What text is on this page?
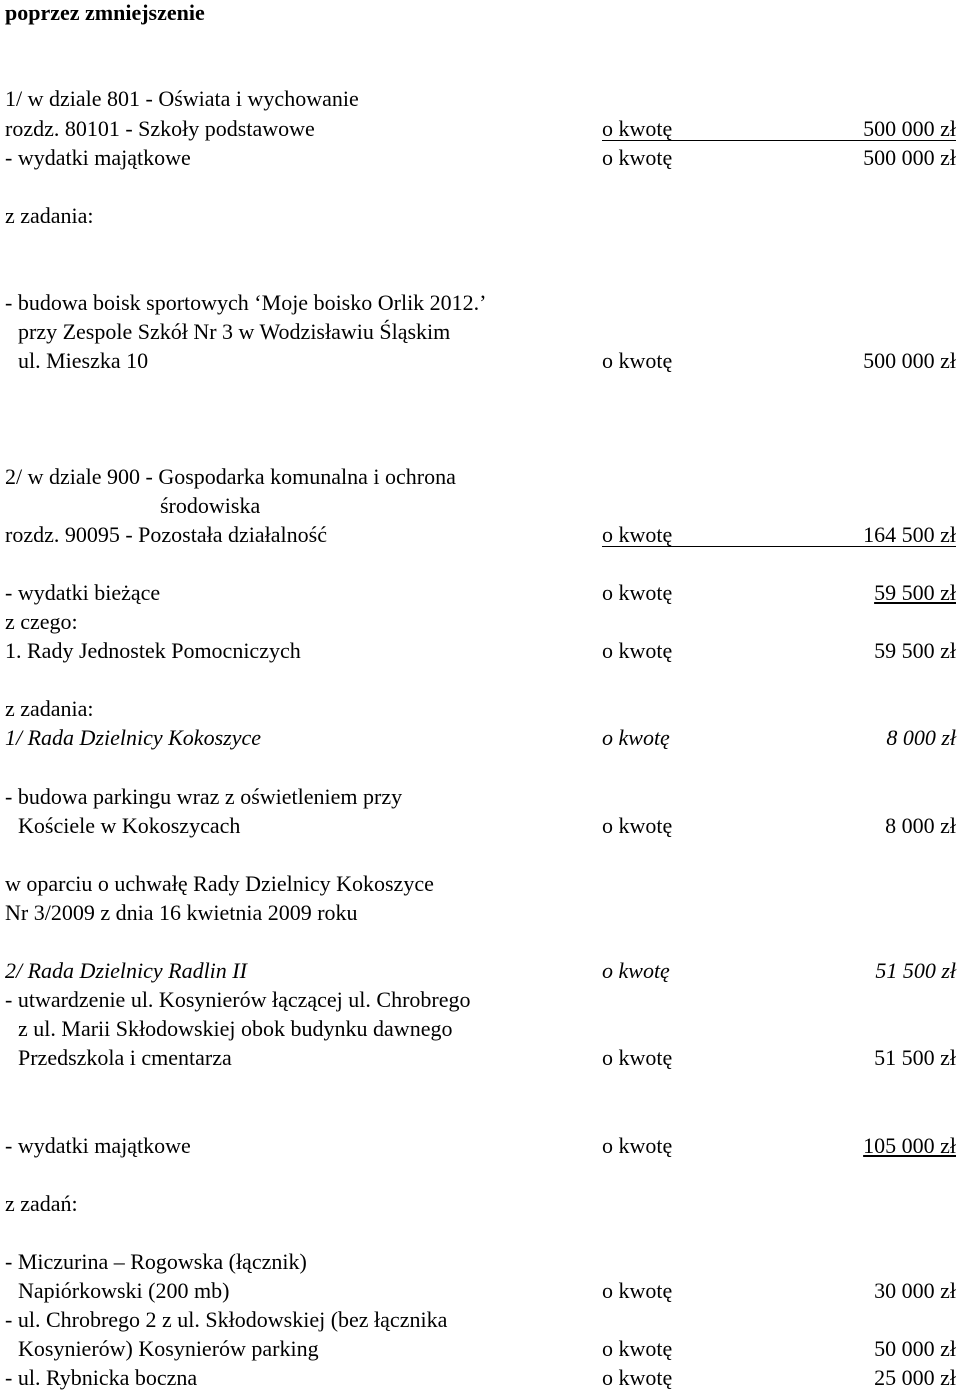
poprzez zmniejszenie
1/ w dziale 801 - Oświata i wychowanie
rozdz. 80101 - Szkoły podstawowe	o kwotę	500 000 zł
- wydatki majątkowe	o kwotę	500 000 zł
z zadania:
- budowa boisk sportowych ‘Moje boisko Orlik 2012.’
przy Zespole Szkół Nr 3 w Wodzisławiu Śląskim
ul. Mieszka 10	o kwotę	500 000 zł
2/ w dziale 900 - Gospodarka komunalna i ochrona
środowiska
rozdz. 90095 - Pozostała działalność	o kwotę	164 500 zł
- wydatki bieżące	o kwotę	59 500 zł
z czego:
1. Rady Jednostek Pomocniczych	o kwotę	59 500 zł
z zadania:
1/ Rada Dzielnicy Kokoszyce	o kwotę	8 000 zł
- budowa parkingu wraz z oświetleniem przy
Kościele w Kokoszycach	o kwotę	8 000 zł
w oparciu o uchwałę Rady Dzielnicy Kokoszyce
Nr 3/2009 z dnia 16 kwietnia 2009 roku
2/ Rada Dzielnicy Radlin II	o kwotę	51 500 zł
- utwardzenie ul. Kosynierów łączącej ul. Chrobrego
z ul. Marii Skłodowskiej obok budynku dawnego
Przedszkola i cmentarza	o kwotę	51 500 zł
- wydatki majątkowe	o kwotę	105 000 zł
z zadań:
- Miczurina – Rogowska (łącznik)
Napiórkowski (200 mb)	o kwotę	30 000 zł
- ul. Chrobrego 2 z ul. Skłodowskiej (bez łącznika
Kosynierów) Kosynierów parking	o kwotę	50 000 zł
- ul. Rybnicka boczna	o kwotę	25 000 zł
